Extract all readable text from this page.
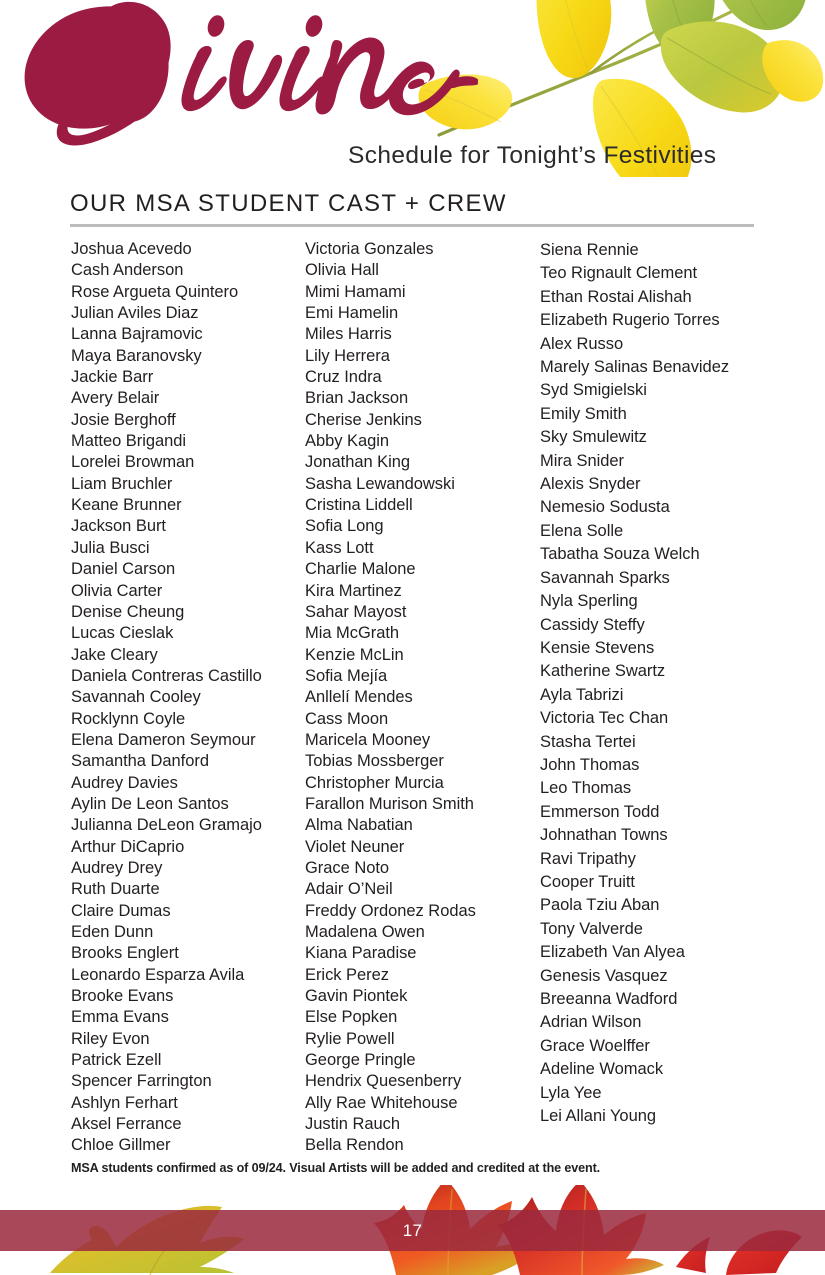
Schedule for Tonight’s Festivities
OUR MSA STUDENT CAST + CREW
Joshua Acevedo
Cash Anderson
Rose Argueta Quintero
Julian Aviles Diaz
Lanna Bajramovic
Maya Baranovsky
Jackie Barr
Avery Belair
Josie Berghoff
Matteo Brigandi
Lorelei Browman
Liam Bruchler
Keane Brunner
Jackson Burt
Julia Busci
Daniel Carson
Olivia Carter
Denise Cheung
Lucas Cieslak
Jake Cleary
Daniela Contreras Castillo
Savannah Cooley
Rocklynn Coyle
Elena Dameron Seymour
Samantha Danford
Audrey Davies
Aylin De Leon Santos
Julianna DeLeon Gramajo
Arthur DiCaprio
Audrey Drey
Ruth Duarte
Claire Dumas
Eden Dunn
Brooks Englert
Leonardo Esparza Avila
Brooke Evans
Emma Evans
Riley Evon
Patrick Ezell
Spencer Farrington
Ashlyn Ferhart
Aksel Ferrance
Chloe Gillmer
Victoria Gonzales
Olivia Hall
Mimi Hamami
Emi Hamelin
Miles Harris
Lily Herrera
Cruz Indra
Brian Jackson
Cherise Jenkins
Abby Kagin
Jonathan King
Sasha Lewandowski
Cristina Liddell
Sofia Long
Kass Lott
Charlie Malone
Kira Martinez
Sahar Mayost
Mia McGrath
Kenzie McLin
Sofia Mejía
Anllelí Mendes
Cass Moon
Maricela Mooney
Tobias Mossberger
Christopher Murcia
Farallon Murison Smith
Alma Nabatian
Violet Neuner
Grace Noto
Adair O’Neil
Freddy Ordonez Rodas
Madalena Owen
Kiana Paradise
Erick Perez
Gavin Piontek
Else Popken
Rylie Powell
George Pringle
Hendrix Quesenberry
Ally Rae Whitehouse
Justin Rauch
Bella Rendon
Siena Rennie
Teo Rignault Clement
Ethan Rostai Alishah
Elizabeth Rugerio Torres
Alex Russo
Marely Salinas Benavidez
Syd Smigielski
Emily Smith
Sky Smulewitz
Mira Snider
Alexis Snyder
Nemesio Sodusta
Elena Solle
Tabatha Souza Welch
Savannah Sparks
Nyla Sperling
Cassidy Steffy
Kensie Stevens
Katherine Swartz
Ayla Tabrizi
Victoria Tec Chan
Stasha Tertei
John Thomas
Leo Thomas
Emmerson Todd
Johnathan Towns
Ravi Tripathy
Cooper Truitt
Paola Tziu Aban
Tony Valverde
Elizabeth Van Alyea
Genesis Vasquez
Breeanna Wadford
Adrian Wilson
Grace Woelffer
Adeline Womack
Lyla Yee
Lei Allani Young
MSA students confirmed as of 09/24. Visual Artists will be added and credited at the event.
17
